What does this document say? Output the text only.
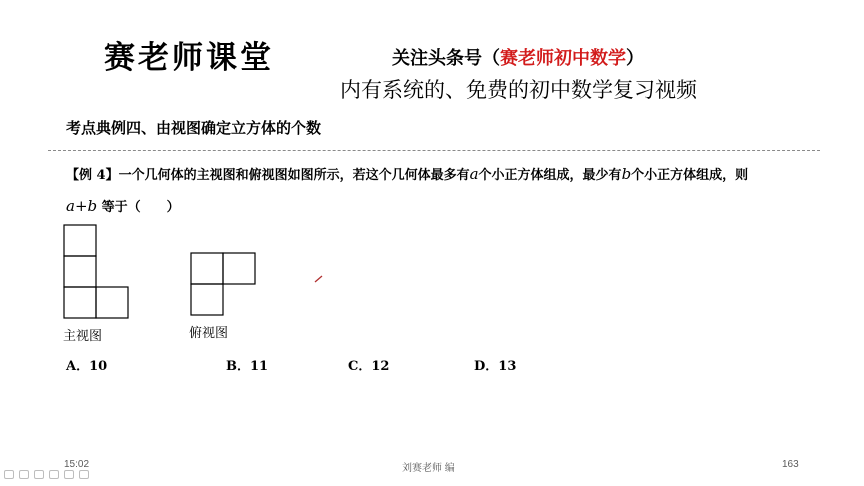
赛老师课堂	关注头条号（赛老师初中数学）
内有系统的、免费的初中数学复习视频
考点典例四、由视图确定立方体的个数
【例 4】一个几何体的主视图和俯视图如图所示，若这个几何体最多有a个小正方体组成，最少有b个小正方体组成，则
a+b 等于（　　）
主视图	俯视图
A．10	B．11	C．12	D．13
15:02	刘赛老师 编	163
